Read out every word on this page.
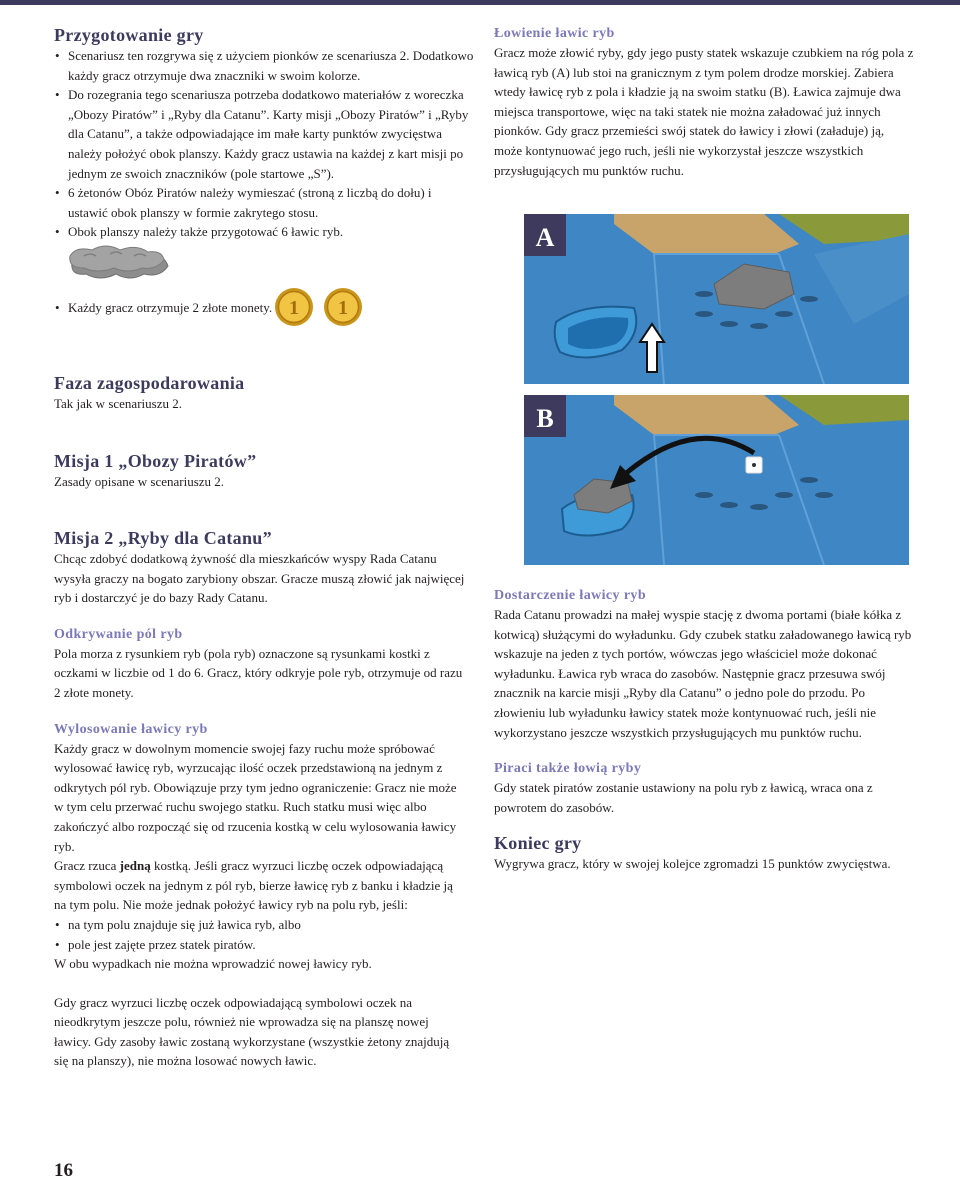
Przygotowanie gry
• Scenariusz ten rozgrywa się z użyciem pionków ze scenariusza 2. Dodatkowo każdy gracz otrzymuje dwa znaczniki w swoim kolorze.
• Do rozegrania tego scenariusza potrzeba dodatkowo materiałów z woreczka „Obozy Piratów” i „Ryby dla Catanu”. Karty misji „Obozy Piratów” i „Ryby dla Catanu”, a także odpowiadające im małe karty punktów zwycięstwa należy położyć obok planszy. Każdy gracz ustawia na każdej z kart misji po jednym ze swoich znaczników (pole startowe „S”).
• 6 żetonów Obóz Piratów należy wymieszać (stroną z liczbą do dołu) i ustawić obok planszy w formie zakrytego stosu.
• Obok planszy należy także przygotować 6 ławic ryb.
• Każdy gracz otrzymuje 2 złote monety. 1 1
Faza zagospodarowania

Tak jak w scenariuszu 2.

Misja 1 „Obozy Piratów”

Zasady opisane w scenariuszu 2.

Misja 2 „Ryby dla Catanu”

Chcąc zdobyć dodatkową żywność dla mieszkańców wyspy Rada Catanu wysyła graczy na bogato zarybiony obszar. Gracze muszą złowić jak najwięcej ryb i dostarczyć je do bazy Rady Catanu.

Odkrywanie pól ryb

Pola morza z rysunkiem ryb (pola ryb) oznaczone są rysunkami kostki z oczkami w liczbie od 1 do 6. Gracz, który odkryje pole ryb, otrzymuje od razu 2 złote monety.

Wylosowanie ławicy ryb

Każdy gracz w dowolnym momencie swojej fazy ruchu może spróbować wylosować ławicę ryb, wyrzucając ilość oczek przedstawioną na jednym z odkrytych pól ryb. Obowiązuje przy tym jedno ograniczenie: Gracz nie może w tym celu przerwać ruchu swojego statku. Ruch statku musi więc albo zakończyć albo rozpocząć się od rzucenia kostką w celu wylosowania ławicy ryb.

Gracz rzuca jedną kostką. Jeśli gracz wyrzuci liczbę oczek odpowiadającą symbolowi oczek na jednym z pól ryb, bierze ławicę ryb z banku i kładzie ją na tym polu. Nie może jednak położyć ławicy ryb na polu ryb, jeśli:

• na tym polu znajduje się już ławica ryb, albo
• pole jest zajęte przez statek piratów.

W obu wypadkach nie można wprowadzić nowej ławicy ryb.

Gdy gracz wyrzuci liczbę oczek odpowiadającą symbolowi oczek na nieodkrytym jeszcze polu, również nie wprowadza się na planszę nowej ławicy. Gdy zasoby ławic zostaną wykorzystane (wszystkie żetony znajdują się na planszy), nie można losować nowych ławic.

Łowienie ławic ryb

Gracz może złowić ryby, gdy jego pusty statek wskazuje czubkiem na róg pola z ławicą ryb (A) lub stoi na granicznym z tym polem drodze morskiej. Zabiera wtedy ławicę ryb z pola i kładzie ją na swoim statku (B). Ławica zajmuje dwa miejsca transportowe, więc na taki statek nie można załadować już innych pionków. Gdy gracz przemieści swój statek do ławicy i złowi (załaduje) ją, może kontynuować jego ruch, jeśli nie wykorzystał jeszcze wszystkich przysługujących mu punktów ruchu.

A
B
Dostarczenie ławicy ryb

Rada Catanu prowadzi na małej wyspie stację z dwoma portami (białe kółka z kotwicą) służącymi do wyładunku. Gdy czubek statku załadowanego ławicą ryb wskazuje na jeden z tych portów, wówczas jego właściciel może dokonać wyładunku. Ławica ryb wraca do zasobów. Następnie gracz przesuwa swój znacznik na karcie misji „Ryby dla Catanu” o jedno pole do przodu. Po złowieniu lub wyładunku ławicy statek może kontynuować ruch, jeśli nie wykorzystano jeszcze wszystkich przysługujących mu punktów ruchu.

Piraci także łowią ryby

Gdy statek piratów zostanie ustawiony na polu ryb z ławicą, wraca ona z powrotem do zasobów.

Koniec gry

Wygrywa gracz, który w swojej kolejce zgromadzi 15 punktów zwycięstwa.

16
